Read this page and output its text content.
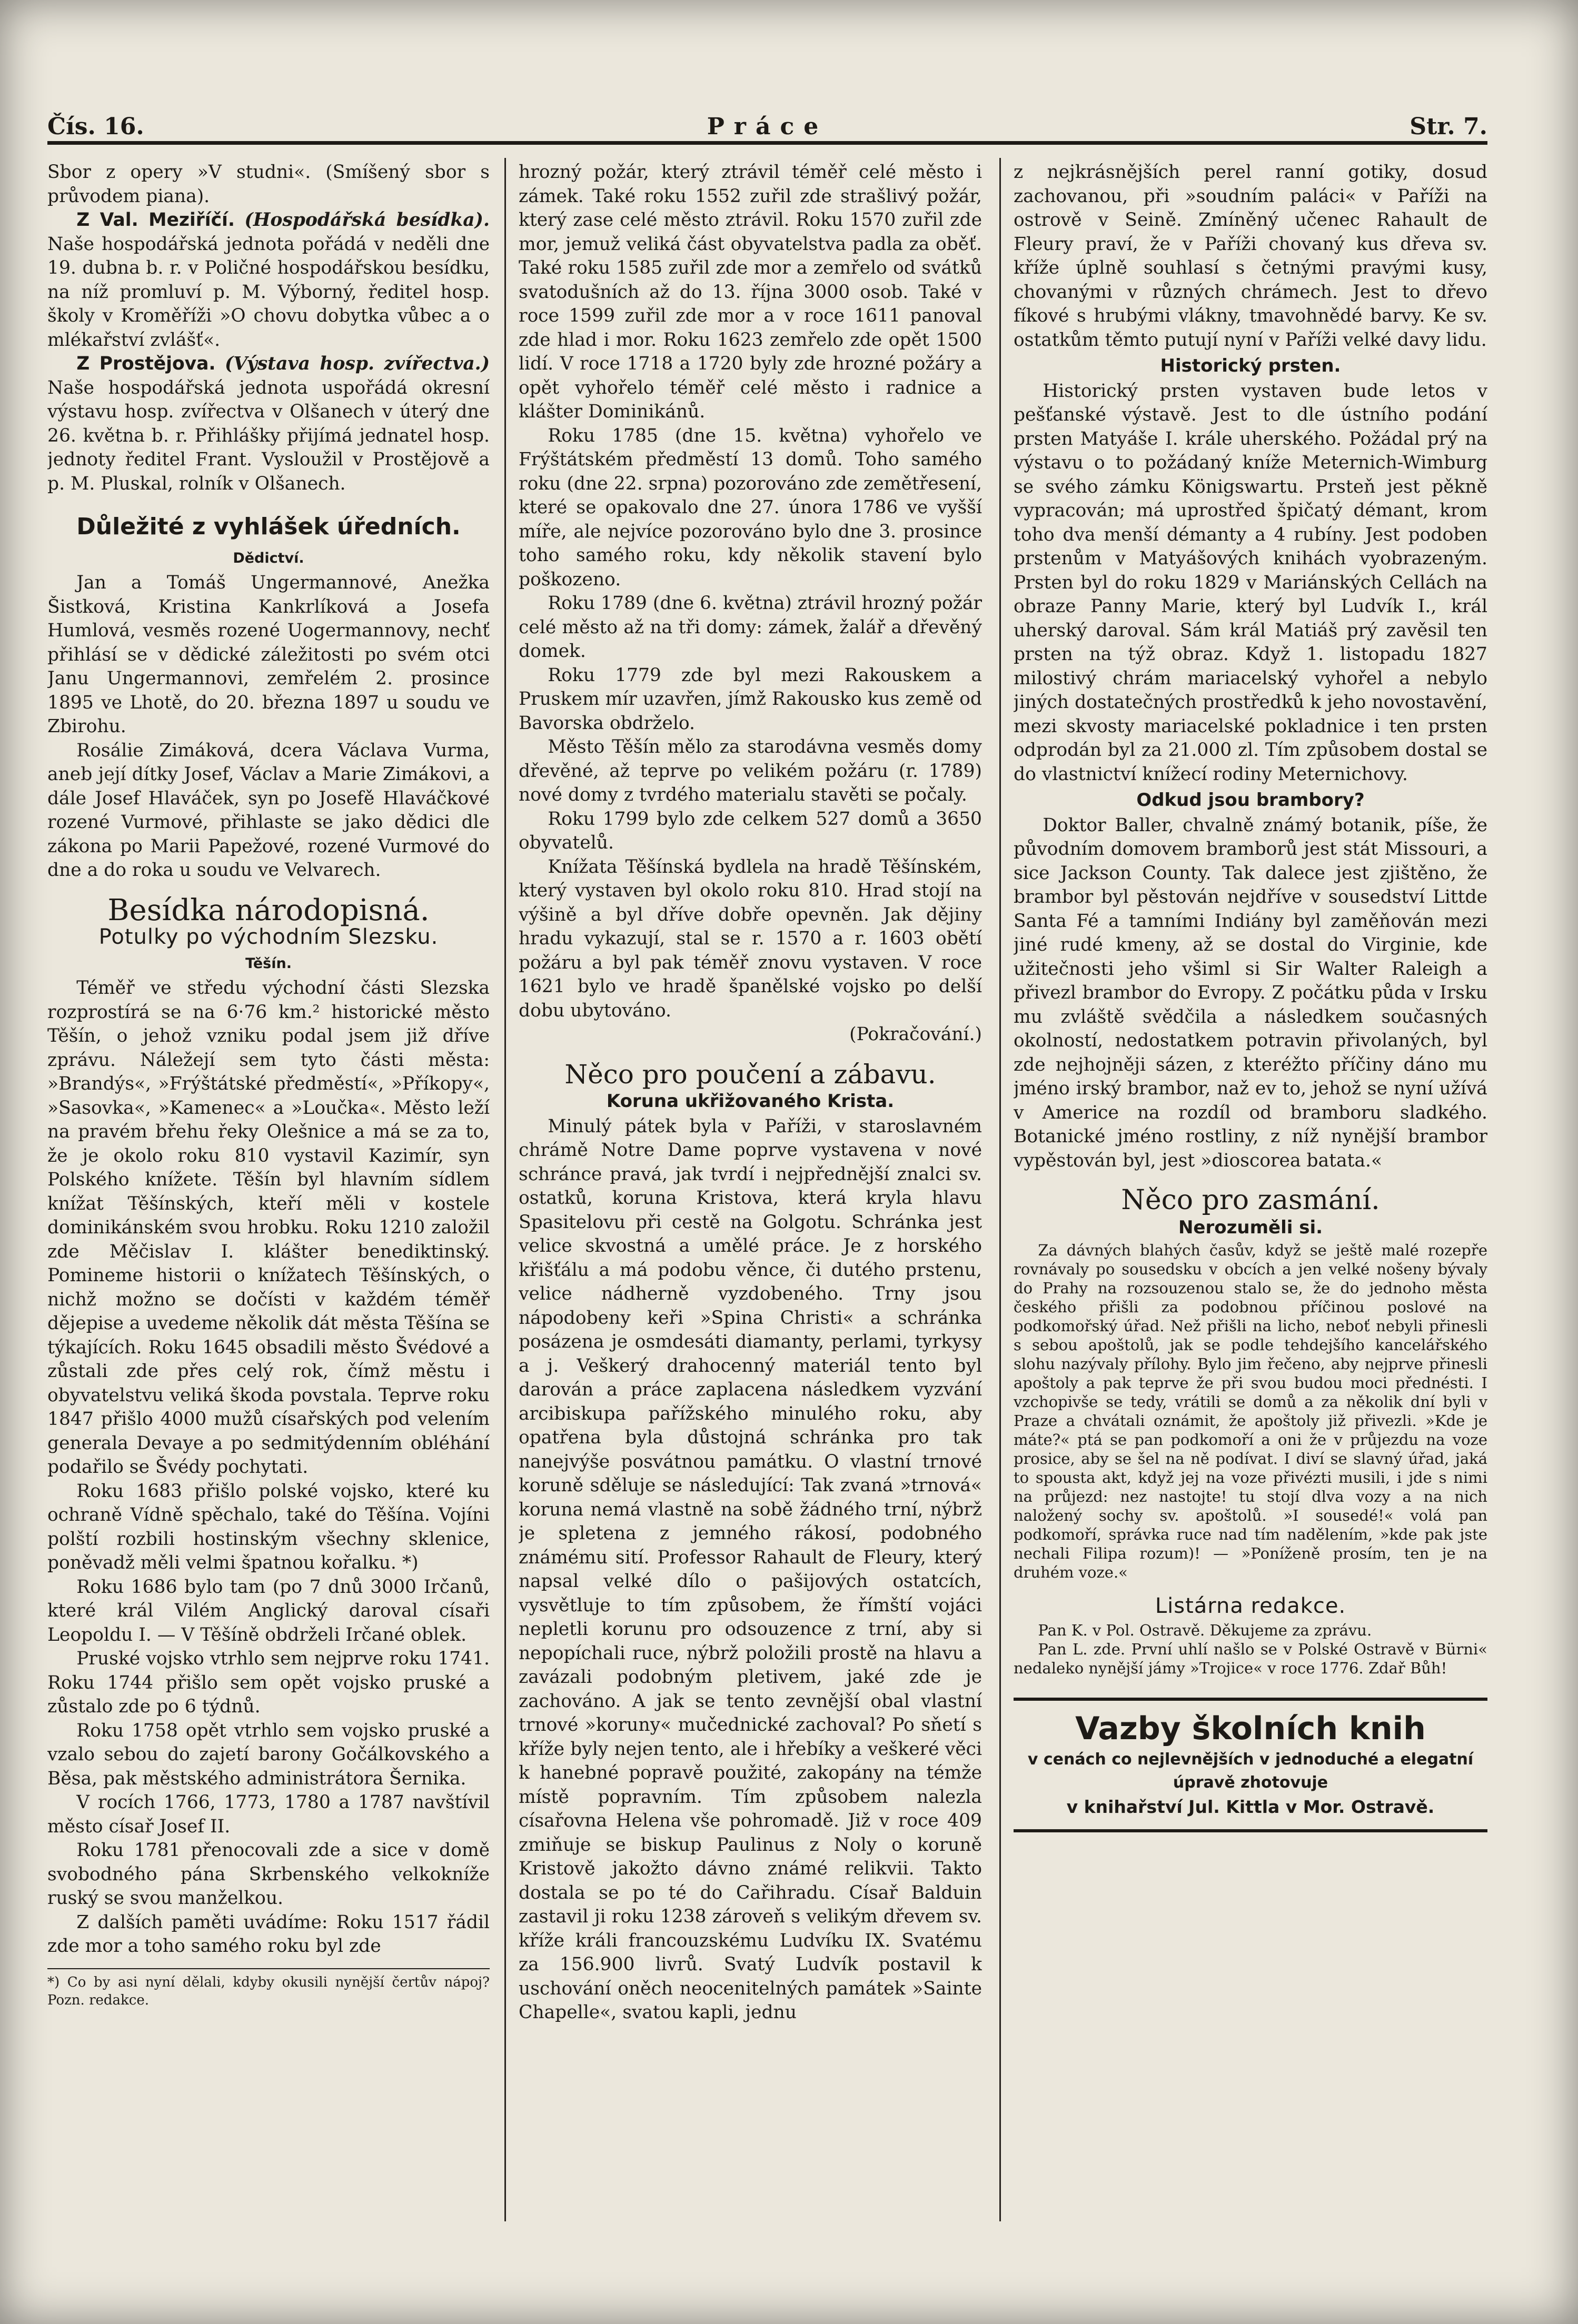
Čís. 16.	Práce	Str. 7.

Sbor z opery »V studni«. (Smíšený sbor s průvodem piana).

Z Val. Meziříčí. (Hospodářská besídka). Naše hospodářská jednota pořádá v neděli dne 19. dubna b. r. v Poličné hospodářskou besídku, na níž promluví p. M. Výborný, ředitel hosp. školy v Kroměříži »O chovu dobytka vůbec a o mlékařství zvlášť«.

Z Prostějova. (Výstava hosp. zvířectva.) Naše hospodářská jednota uspořádá okresní výstavu hosp. zvířectva v Olšanech v úterý dne 26. května b. r. Přihlášky přijímá jednatel hosp. jednoty ředitel Frant. Vysloužil v Prostějově a p. M. Pluskal, rolník v Olšanech.

Důležité z vyhlášek úředních.
Dědictví.

Jan a Tomáš Ungermannové, Anežka Šistková, Kristina Kankrlíková a Josefa Humlová, vesměs rozené Uogermannovy, nechť přihlásí se v dědické záležitosti po svém otci Janu Ungermannovi, zemřelém 2. prosince 1895 ve Lhotě, do 20. března 1897 u soudu ve Zbirohu.

Rosálie Zimáková, dcera Václava Vurma, aneb její dítky Josef, Václav a Marie Zimákovi, a dále Josef Hlaváček, syn po Josefě Hlaváčkové rozené Vurmové, přihlaste se jako dědici dle zákona po Marii Papežové, rozené Vurmové do dne a do roka u soudu ve Velvarech.

Besídka národopisná.
Potulky po východním Slezsku.
Těšín.

Téměř ve středu východní části Slezska rozprostírá se na 6·76 km.² historické město Těšín, o jehož vzniku podal jsem již dříve zprávu. Náležejí sem tyto části města: »Brandýs«, »Frýštátské předměstí«, »Příkopy«, »Sasovka«, »Kamenec« a »Loučka«. Město leží na pravém břehu řeky Olešnice a má se za to, že je okolo roku 810 vystavil Kazimír, syn Polského knížete. Těšín byl hlavním sídlem knížat Těšínských, kteří měli v kostele dominikánském svou hrobku. Roku 1210 založil zde Měčislav I. klášter benediktinský. Pomineme historii o knížatech Těšínských, o nichž možno se dočísti v každém téměř dějepise a uvedeme několik dát města Těšína se týkajících. Roku 1645 obsadili město Švédové a zůstali zde přes celý rok, čímž městu i obyvatelstvu veliká škoda povstala. Teprve roku 1847 přišlo 4000 mužů císařských pod velením generala Devaye a po sedmitýdenním obléhání podařilo se Švédy pochytati.

Roku 1683 přišlo polské vojsko, které ku ochraně Vídně spěchalo, také do Těšína. Vojíni polští rozbili hostinským všechny sklenice, poněvadž měli velmi špatnou kořalku. *)

Roku 1686 bylo tam (po 7 dnů 3000 Irčanů, které král Vilém Anglický daroval císaři Leopoldu I. — V Těšíně obdrželi Irčané oblek.

Pruské vojsko vtrhlo sem nejprve roku 1741. Roku 1744 přišlo sem opět vojsko pruské a zůstalo zde po 6 týdnů.

Roku 1758 opět vtrhlo sem vojsko pruské a vzalo sebou do zajetí barony Gočálkovského a Běsa, pak městského administrátora Šernika.

V rocích 1766, 1773, 1780 a 1787 navštívil město císař Josef II.

Roku 1781 přenocovali zde a sice v domě svobodného pána Skrbenského velkokníže ruský se svou manželkou.

Z dalších paměti uvádíme: Roku 1517 řádil zde mor a toho samého roku byl zde

*) Co by asi nyní dělali, kdyby okusili nynější čertův nápoj? Pozn. redakce.

hrozný požár, který ztrávil téměř celé město i zámek. Také roku 1552 zuřil zde strašlivý požár, který zase celé město ztrávil. Roku 1570 zuřil zde mor, jemuž veliká část obyvatelstva padla za oběť. Také roku 1585 zuřil zde mor a zemřelo od svátků svatodušních až do 13. října 3000 osob. Také v roce 1599 zuřil zde mor a v roce 1611 panoval zde hlad i mor. Roku 1623 zemřelo zde opět 1500 lidí. V roce 1718 a 1720 byly zde hrozné požáry a opět vyhořelo téměř celé město i radnice a klášter Dominikánů.

Roku 1785 (dne 15. května) vyhořelo ve Frýštátském předměstí 13 domů. Toho samého roku (dne 22. srpna) pozorováno zde zemětřesení, které se opakovalo dne 27. února 1786 ve vyšší míře, ale nejvíce pozorováno bylo dne 3. prosince toho samého roku, kdy několik stavení bylo poškozeno.

Roku 1789 (dne 6. května) ztrávil hrozný požár celé město až na tři domy: zámek, žalář a dřevěný domek.

Roku 1779 zde byl mezi Rakouskem a Pruskem mír uzavřen, jímž Rakousko kus země od Bavorska obdrželo.

Město Těšín mělo za starodávna vesměs domy dřevěné, až teprve po velikém požáru (r. 1789) nové domy z tvrdého materialu stavěti se počaly.

Roku 1799 bylo zde celkem 527 domů a 3650 obyvatelů.

Knížata Těšínská bydlela na hradě Těšínském, který vystaven byl okolo roku 810. Hrad stojí na výšině a byl dříve dobře opevněn. Jak dějiny hradu vykazují, stal se r. 1570 a r. 1603 obětí požáru a byl pak téměř znovu vystaven. V roce 1621 bylo ve hradě španělské vojsko po delší dobu ubytováno.

(Pokračování.)

Něco pro poučení a zábavu.
Koruna ukřižovaného Krista.

Minulý pátek byla v Paříži, v staroslavném chrámě Notre Dame poprve vystavena v nové schránce pravá, jak tvrdí i nejpřednější znalci sv. ostatků, koruna Kristova, která kryla hlavu Spasitelovu při cestě na Golgotu. Schránka jest velice skvostná a umělé práce. Je z horského křišťálu a má podobu věnce, či dutého prstenu, velice nádherně vyzdobeného. Trny jsou nápodobeny keři »Spina Christi« a schránka posázena je osmdesáti diamanty, perlami, tyrkysy a j. Veškerý drahocenný materiál tento byl darován a práce zaplacena následkem vyzvání arcibiskupa pařížského minulého roku, aby opatřena byla důstojná schránka pro tak nanejvýše posvátnou památku. O vlastní trnové koruně sděluje se následující: Tak zvaná »trnová« koruna nemá vlastně na sobě žádného trní, nýbrž je spletena z jemného rákosí, podobného známému sití. Professor Rahault de Fleury, který napsal velké dílo o pašijových ostatcích, vysvětluje to tím způsobem, že římští vojáci nepletli korunu pro odsouzence z trní, aby si nepopíchali ruce, nýbrž položili prostě na hlavu a zavázali podobným pletivem, jaké zde je zachováno. A jak se tento zevnější obal vlastní trnové »koruny« mučednické zachoval? Po sňetí s kříže byly nejen tento, ale i hřebíky a veškeré věci k hanebné popravě použité, zakopány na témže místě popravním. Tím způsobem nalezla císařovna Helena vše pohromadě. Již v roce 409 zmiňuje se biskup Paulinus z Noly o koruně Kristově jakožto dávno známé relikvii. Takto dostala se po té do Cařihradu. Císař Balduin zastavil ji roku 1238 zároveň s velikým dřevem sv. kříže králi francouzskému Ludvíku IX. Svatému za 156.900 livrů. Svatý Ludvík postavil k uschování oněch neocenitelných památek »Sainte Chapelle«, svatou kapli, jednu

z nejkrásnějších perel ranní gotiky, dosud zachovanou, při »soudním paláci« v Paříži na ostrově v Seině. Zmíněný učenec Rahault de Fleury praví, že v Paříži chovaný kus dřeva sv. kříže úplně souhlasí s četnými pravými kusy, chovanými v různých chrámech. Jest to dřevo fíkové s hrubými vlákny, tmavohnědé barvy. Ke sv. ostatkům těmto putují nyní v Paříži velké davy lidu.

Historický prsten.

Historický prsten vystaven bude letos v pešťanské výstavě. Jest to dle ústního podání prsten Matyáše I. krále uherského. Požádal prý na výstavu o to požádaný kníže Meternich-Wimburg se svého zámku Königswartu. Prsteň jest pěkně vypracován; má uprostřed špičatý démant, krom toho dva menší démanty a 4 rubíny. Jest podoben prstenům v Matyášových knihách vyobrazeným. Prsten byl do roku 1829 v Mariánských Cellách na obraze Panny Marie, který byl Ludvík I., král uherský daroval. Sám král Matiáš prý zavěsil ten prsten na týž obraz. Když 1. listopadu 1827 milostivý chrám mariacelský vyhořel a nebylo jiných dostatečných prostředků k jeho novostavění, mezi skvosty mariacelské pokladnice i ten prsten odprodán byl za 21.000 zl. Tím způsobem dostal se do vlastnictví knížecí rodiny Meternichovy.

Odkud jsou brambory?

Doktor Baller, chvalně známý botanik, píše, že původním domovem bramborů jest stát Missouri, a sice Jackson County. Tak dalece jest zjištěno, že brambor byl pěstován nejdříve v sousedství Littde Santa Fé a tamními Indiány byl zaměňován mezi jiné rudé kmeny, až se dostal do Virginie, kde užitečnosti jeho všiml si Sir Walter Raleigh a přivezl brambor do Evropy. Z počátku půda v Irsku mu zvláště svědčila a následkem současných okolností, nedostatkem potravin přivolaných, byl zde nejhojněji sázen, z kteréžto příčiny dáno mu jméno irský brambor, naž ev to, jehož se nyní užívá v Americe na rozdíl od bramboru sladkého. Botanické jméno rostliny, z níž nynější brambor vypěstován byl, jest »dioscorea batata.«

Něco pro zasmání.
Nerozuměli si.

Za dávných blahých časův, když se ještě malé rozepře rovnávaly po sousedsku v obcích a jen velké nošeny bývaly do Prahy na rozsouzenou stalo se, že do jednoho města českého přišli za podobnou příčinou poslové na podkomořský úřad. Než přišli na licho, neboť nebyli přinesli s sebou apoštolů, jak se podle tehdejšího kancelářského slohu nazývaly přílohy. Bylo jim řečeno, aby nejprve přinesli apoštoly a pak teprve že při svou budou moci přednésti. I vzchopivše se tedy, vrátili se domů a za několik dní byli v Praze a chvátali oznámit, že apoštoly již přivezli. »Kde je máte?« ptá se pan podkomoří a oni že v průjezdu na voze prosice, aby se šel na ně podívat. I diví se slavný úřad, jaká to spousta akt, když jej na voze přivézti musili, i jde s nimi na průjezd: nez nastojte! tu stojí dlva vozy a na nich naložený sochy sv. apoštolů. »I sousedé!« volá pan podkomoří, správka ruce nad tím nadělením, »kde pak jste nechali Filipa rozum)! — »Poníženě prosím, ten je na druhém voze.«

Listárna redakce.

Pan K. v Pol. Ostravě. Děkujeme za zprávu.

Pan L. zde. První uhlí našlo se v Polské Ostravě v Bürni« nedaleko nynější jámy »Trojice« v roce 1776. Zdař Bůh!

Vazby školních knih
v cenách co nejlevnějších v jednoduché a elegatní úpravě zhotovuje
v knihařství Jul. Kittla v Mor. Ostravě.
